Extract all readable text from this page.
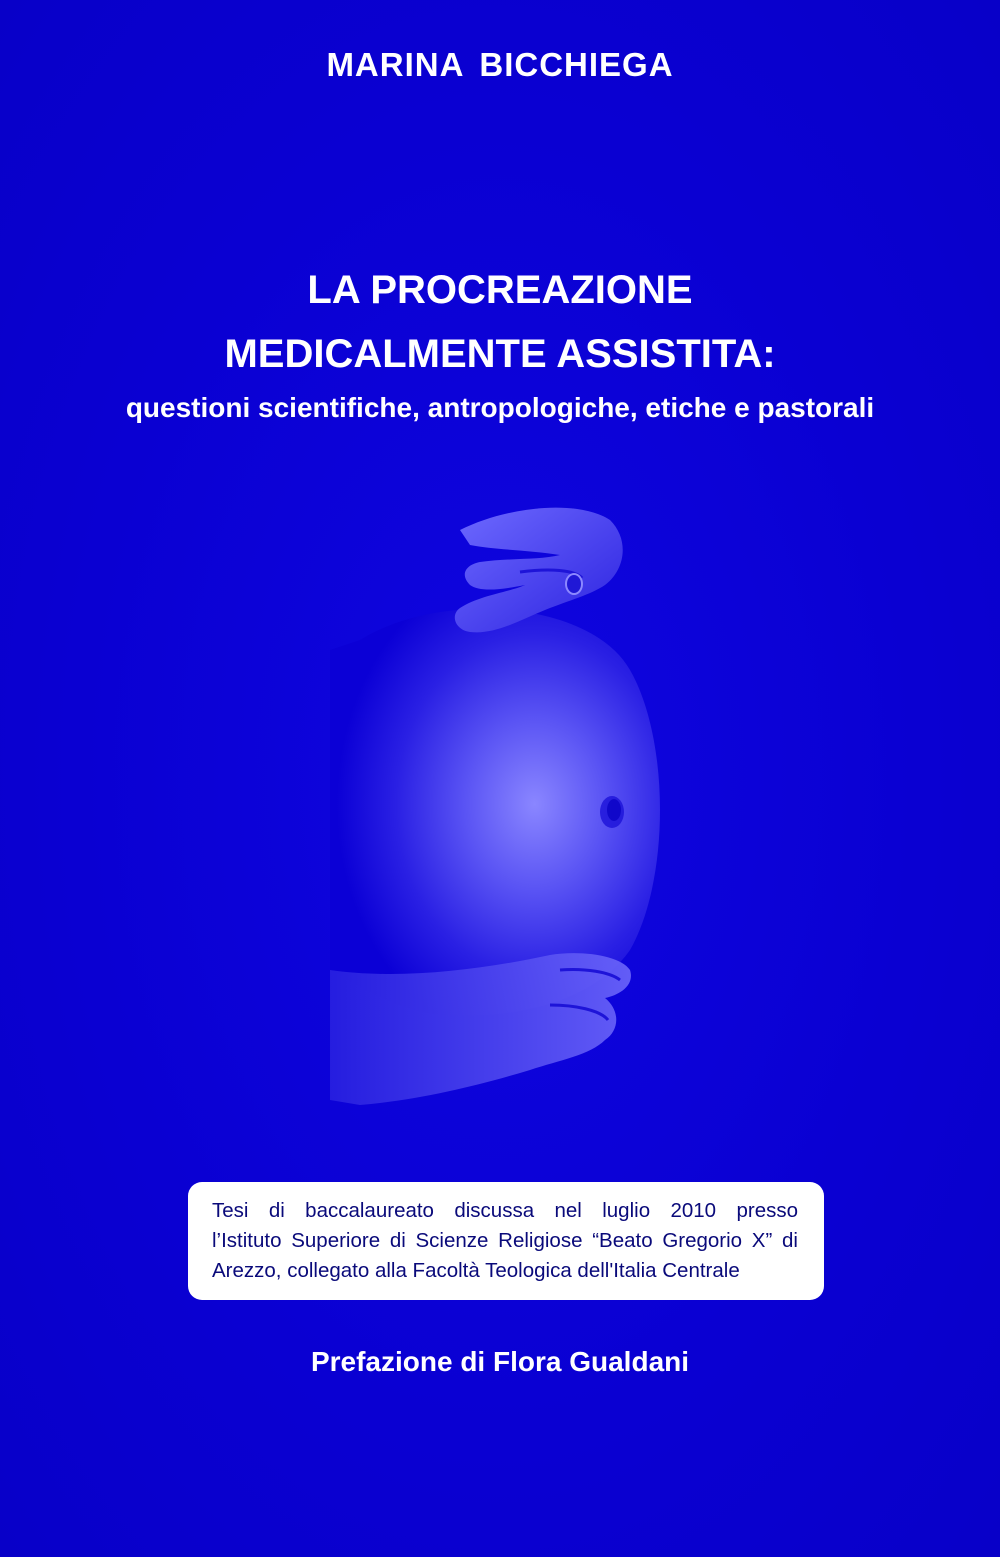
MARINA BICCHIEGA
LA PROCREAZIONE
MEDICALMENTE ASSISTITA:
questioni scientifiche, antropologiche, etiche e pastorali
Tesi di baccalaureato discussa nel luglio 2010 presso
l’Istituto Superiore di Scienze Religiose “Beato Gregorio X” di
Arezzo, collegato alla Facoltà Teologica dell'Italia Centrale
Prefazione di Flora Gualdani
